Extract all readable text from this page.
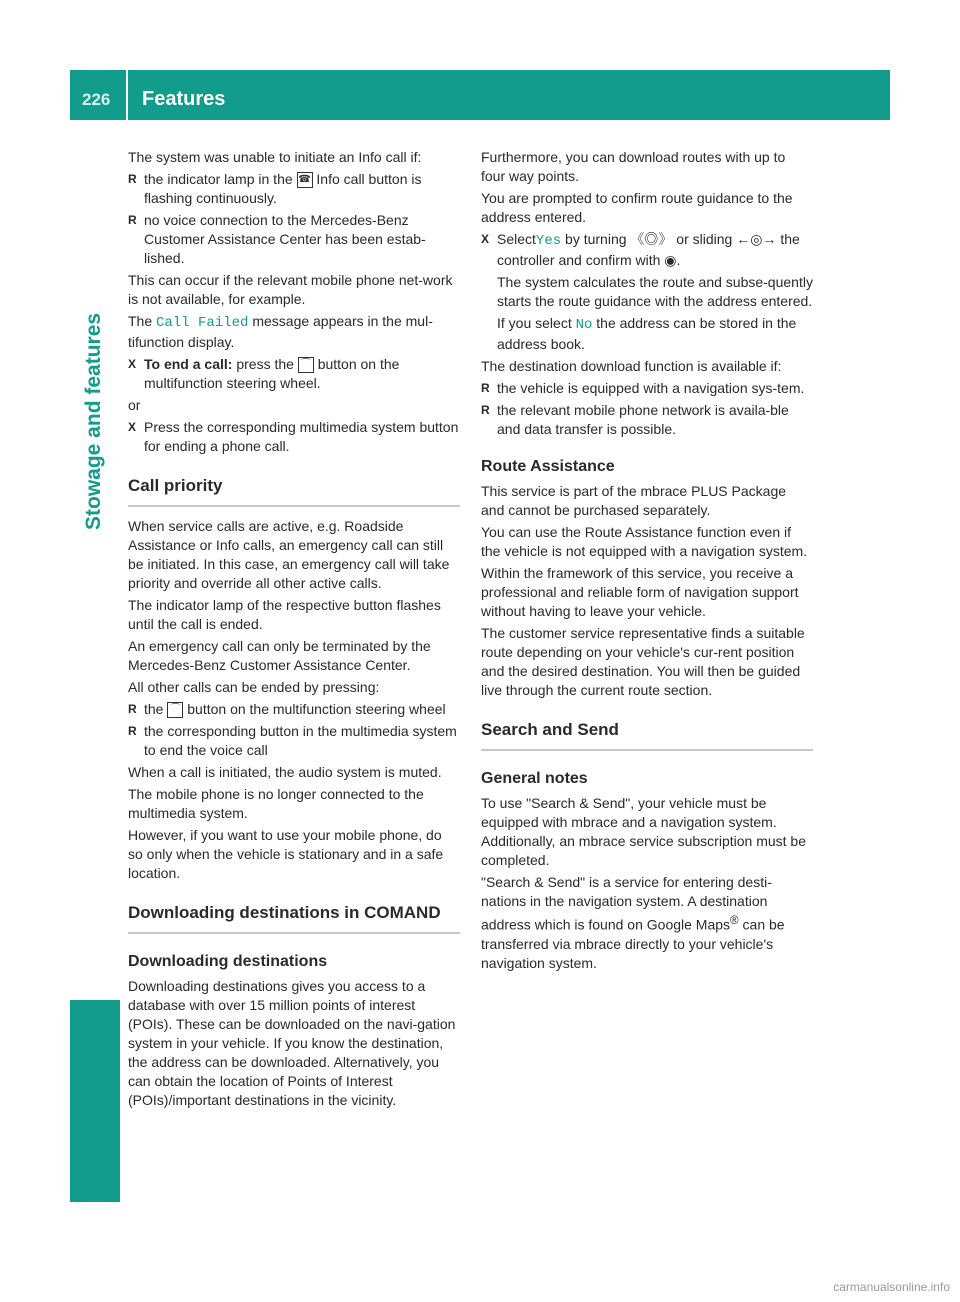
226 Features
Stowage and features

The system was unable to initiate an Info call if:

R the indicator lamp in the ☎ Info call button is flashing continuously.
R no voice connection to the Mercedes-Benz Customer Assistance Center has been estab-lished.

This can occur if the relevant mobile phone net-work is not available, for example.

The Call Failed message appears in the mul-tifunction display.

X To end a call: press the ⌒ button on the multifunction steering wheel.

or

X Press the corresponding multimedia system button for ending a phone call.
Call priority

When service calls are active, e.g. Roadside Assistance or Info calls, an emergency call can still be initiated. In this case, an emergency call will take priority and override all other active calls.

The indicator lamp of the respective button flashes until the call is ended.

An emergency call can only be terminated by the Mercedes-Benz Customer Assistance Center.

All other calls can be ended by pressing:

R the ⌒ button on the multifunction steering wheel
R the corresponding button in the multimedia system to end the voice call

When a call is initiated, the audio system is muted.

The mobile phone is no longer connected to the multimedia system.

However, if you want to use your mobile phone, do so only when the vehicle is stationary and in a safe location.

Downloading destinations in COMAND
Downloading destinations

Downloading destinations gives you access to a database with over 15 million points of interest (POIs). These can be downloaded on the navi-gation system in your vehicle. If you know the destination, the address can be downloaded. Alternatively, you can obtain the location of Points of Interest (POIs)/important destinations in the vicinity.

Furthermore, you can download routes with up to four way points.

You are prompted to confirm route guidance to the address entered.

X SelectYes by turning 《◎》 or sliding ←◎→ the controller and confirm with ◉.
The system calculates the route and subse-quently starts the route guidance with the address entered.
If you select No the address can be stored in the address book.

The destination download function is available if:

R the vehicle is equipped with a navigation sys-tem.
R the relevant mobile phone network is availa-ble and data transfer is possible.
Route Assistance

This service is part of the mbrace PLUS Package and cannot be purchased separately.

You can use the Route Assistance function even if the vehicle is not equipped with a navigation system.

Within the framework of this service, you receive a professional and reliable form of navigation support without having to leave your vehicle.

The customer service representative finds a suitable route depending on your vehicle's cur-rent position and the desired destination. You will then be guided live through the current route section.

Search and Send
General notes

To use "Search & Send", your vehicle must be equipped with mbrace and a navigation system. Additionally, an mbrace service subscription must be completed.

"Search & Send" is a service for entering desti-nations in the navigation system. A destination address which is found on Google Maps® can be transferred via mbrace directly to your vehicle's navigation system.

carmanualsonline.info
